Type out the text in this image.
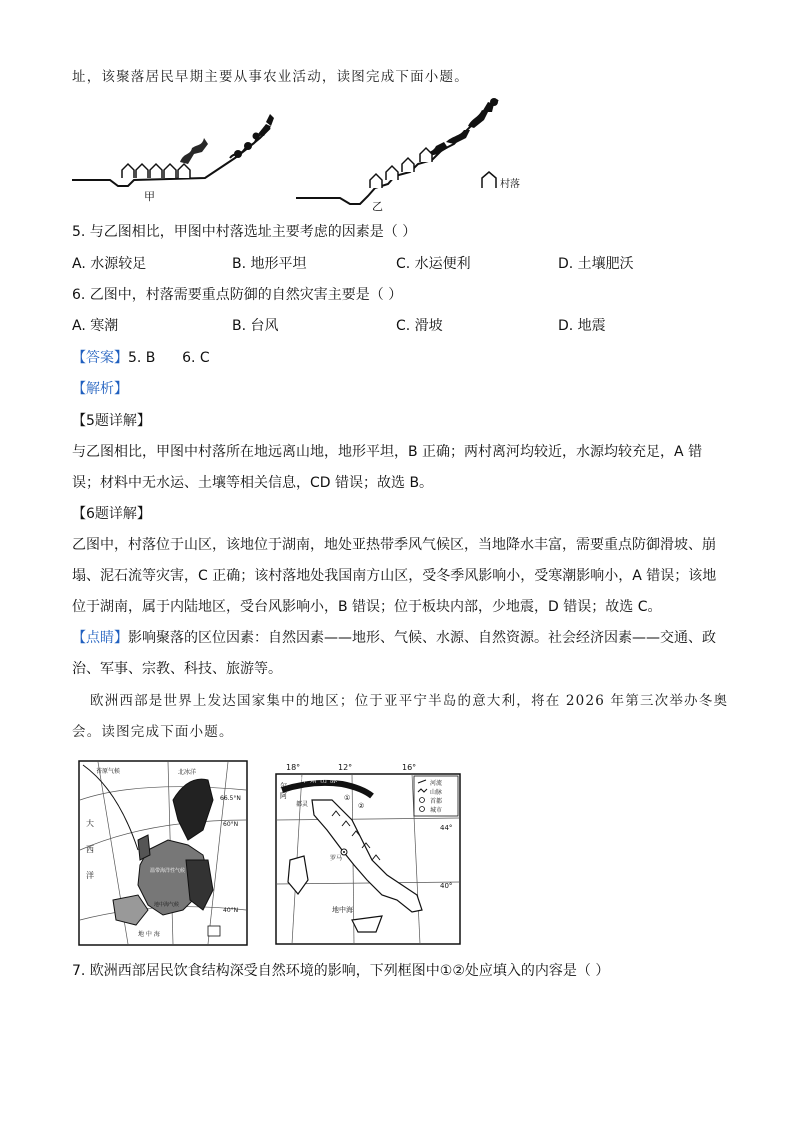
址，该聚落居民早期主要从事农业活动，读图完成下面小题。
甲
乙
村落
5. 与乙图相比，甲图中村落选址主要考虑的因素是（ ）
A. 水源较足	B. 地形平坦	C. 水运便利	D. 土壤肥沃
6. 乙图中，村落需要重点防御的自然灾害主要是（ ）
A. 寒潮	B. 台风	C. 滑坡	D. 地震
【答案】5. B      6. C
【解析】
【5题详解】
与乙图相比，甲图中村落所在地远离山地，地形平坦，B 正确；两村离河均较近，水源均较充足，A 错
误；材料中无水运、土壤等相关信息，CD 错误；故选 B。
【6题详解】
乙图中，村落位于山区，该地位于湖南，地处亚热带季风气候区，当地降水丰富，需要重点防御滑坡、崩
塌、泥石流等灾害，C 正确；该村落地处我国南方山区，受冬季风影响小，受寒潮影响小，A 错误；该地
位于湖南，属于内陆地区，受台风影响小，B 错误；位于板块内部，少地震，D 错误；故选 C。
【点睛】影响聚落的区位因素：自然因素——地形、气候、水源、自然资源。社会经济因素——交通、政
治、军事、宗教、科技、旅游等。
欧洲西部是世界上发达国家集中的地区；位于亚平宁半岛的意大利，将在 2026 年第三次举办冬奥
会。读图完成下面小题。
苔原气候	北冰洋
66.5°N
大
西
洋
60°N
温带海洋性气候
地中海气候
40°N
地 中 海
18°	12°	16°
河流
山脉
首都
城市
尔
阿
卑 斯 山 脉
都灵
①
②
罗马
44°
40°
地中海
7. 欧洲西部居民饮食结构深受自然环境的影响，下列框图中①②处应填入的内容是（ ）
